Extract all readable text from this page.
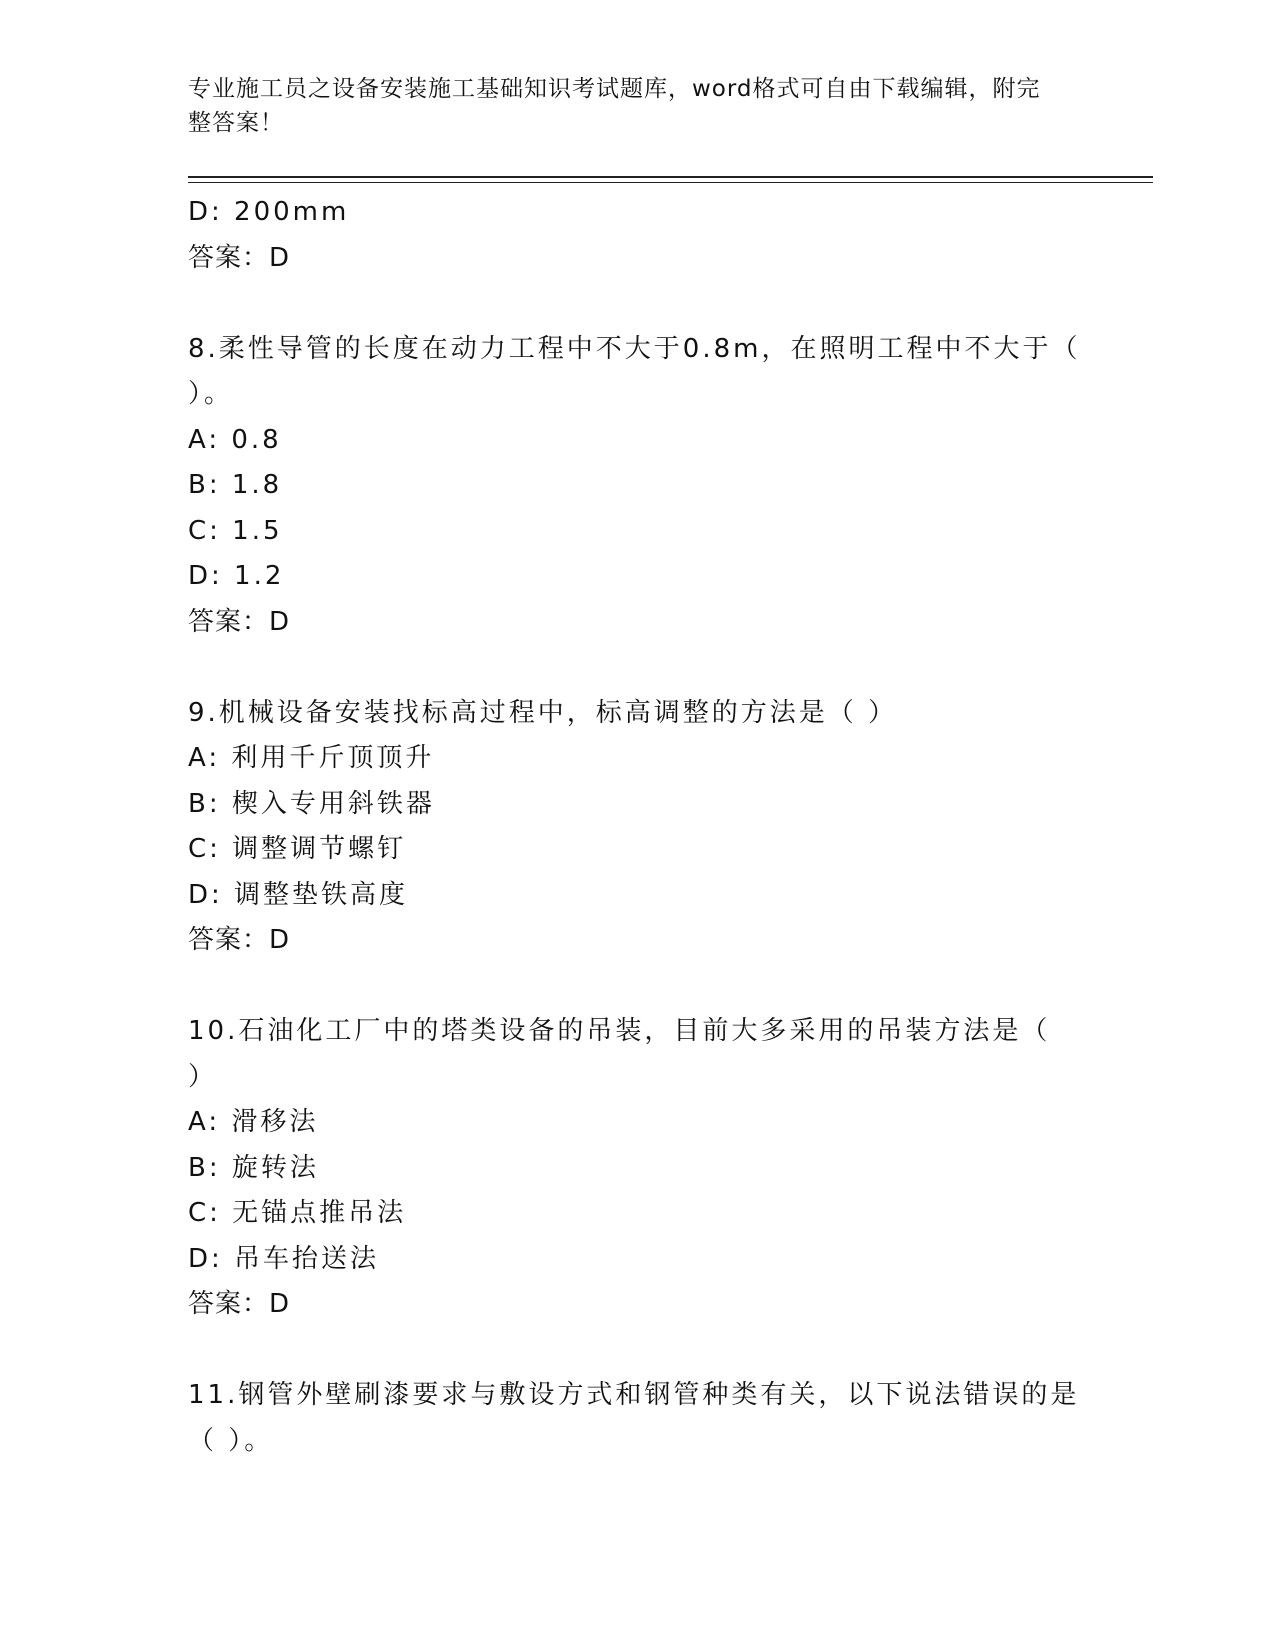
专业施工员之设备安装施工基础知识考试题库，word格式可自由下载编辑，附完
整答案！
D: 200mm
答案：D
8.柔性导管的长度在动力工程中不大于0.8m，在照明工程中不大于（
）。
A: 0.8
B: 1.8
C: 1.5
D: 1.2
答案：D
9.机械设备安装找标高过程中，标高调整的方法是（ ）
A: 利用千斤顶顶升
B: 楔入专用斜铁器
C: 调整调节螺钉
D: 调整垫铁高度
答案：D
10.石油化工厂中的塔类设备的吊装，目前大多采用的吊装方法是（
）
A: 滑移法
B: 旋转法
C: 无锚点推吊法
D: 吊车抬送法
答案：D
11.钢管外壁刷漆要求与敷设方式和钢管种类有关，以下说法错误的是
（ ）。
